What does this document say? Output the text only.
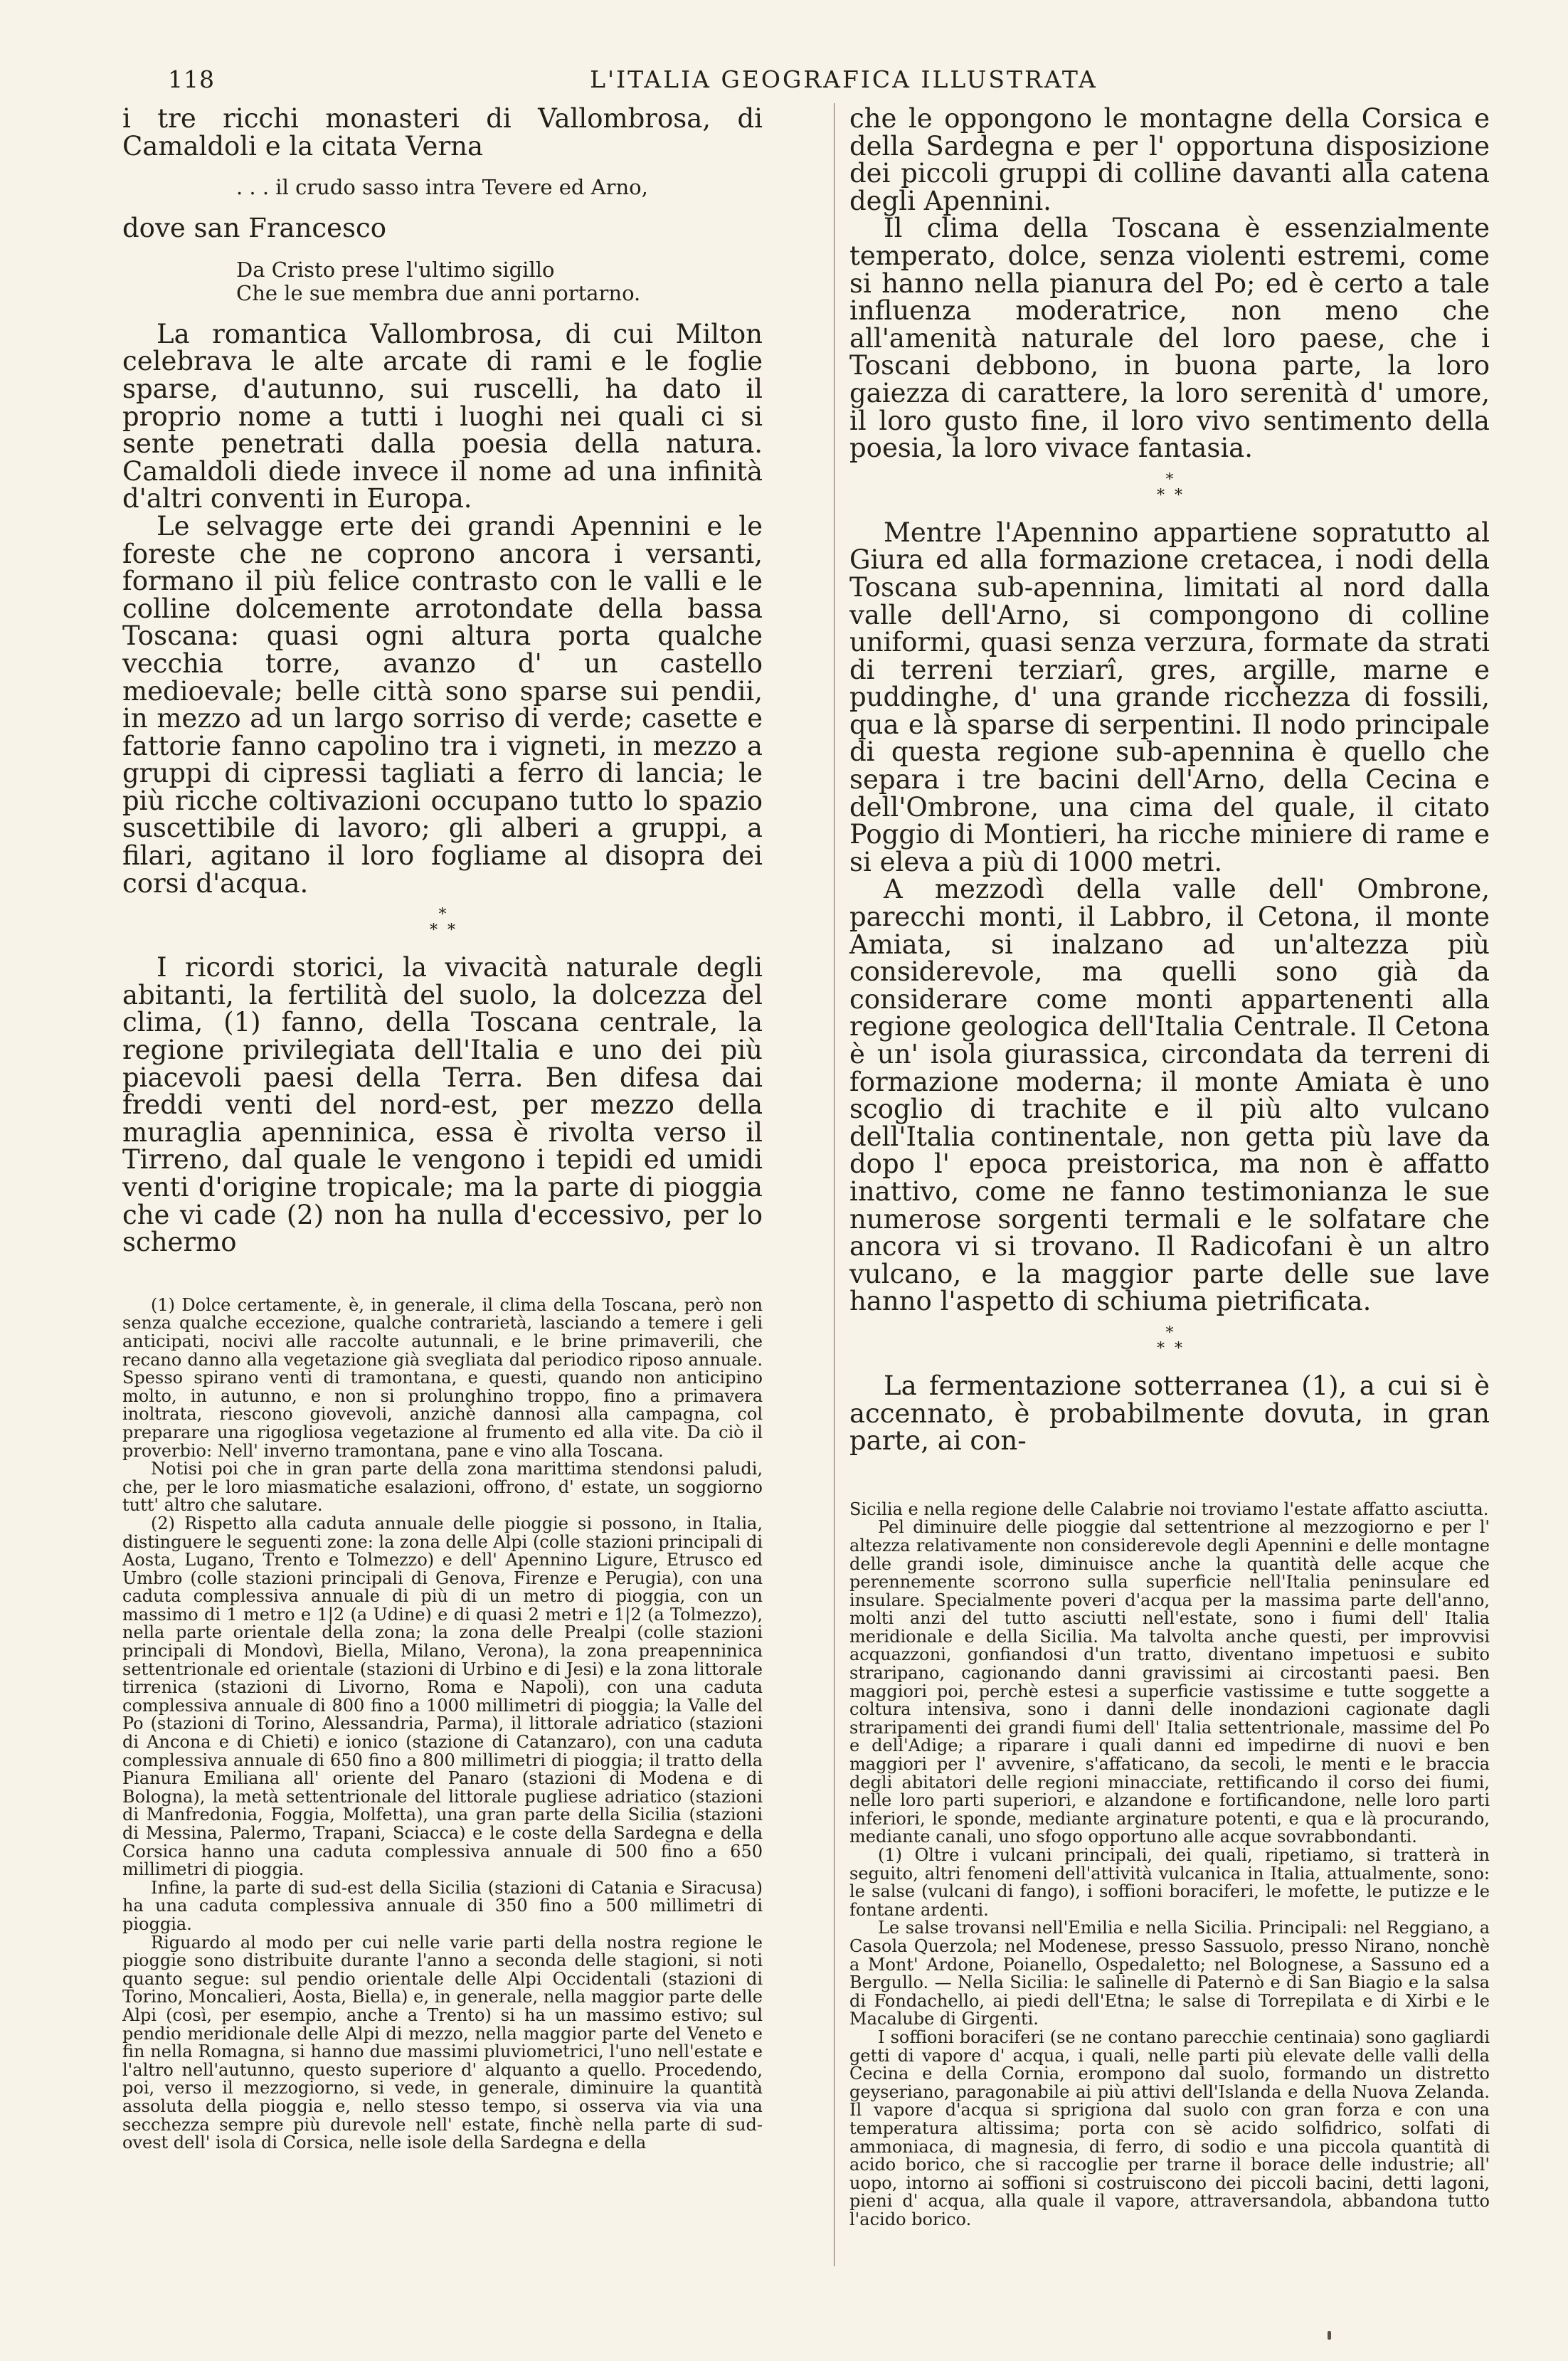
118	L'ITALIA GEOGRAFICA ILLUSTRATA

i tre ricchi monasteri di Vallombrosa, di Camaldoli e la citata Verna

. . . il crudo sasso intra Tevere ed Arno,

dove san Francesco

Da Cristo prese l'ultimo sigillo
Che le sue membra due anni portarno.

La romantica Vallombrosa, di cui Milton celebrava le alte arcate di rami e le foglie sparse, d'autunno, sui ruscelli, ha dato il proprio nome a tutti i luoghi nei quali ci si sente penetrati dalla poesia della natura. Camaldoli diede invece il nome ad una infinità d'altri conventi in Europa.

Le selvagge erte dei grandi Apennini e le foreste che ne coprono ancora i versanti, formano il più felice contrasto con le valli e le colline dolcemente arrotondate della bassa Toscana: quasi ogni altura porta qualche vecchia torre, avanzo d' un castello medioevale; belle città sono sparse sui pendii, in mezzo ad un largo sorriso di verde; casette e fattorie fanno capolino tra i vigneti, in mezzo a gruppi di cipressi tagliati a ferro di lancia; le più ricche coltivazioni occupano tutto lo spazio suscettibile di lavoro; gli alberi a gruppi, a filari, agitano il loro fogliame al disopra dei corsi d'acqua.

*
* *

I ricordi storici, la vivacità naturale degli abitanti, la fertilità del suolo, la dolcezza del clima, (1) fanno, della Toscana centrale, la regione privilegiata dell'Italia e uno dei più piacevoli paesi della Terra. Ben difesa dai freddi venti del nord-est, per mezzo della muraglia apenninica, essa è rivolta verso il Tirreno, dal quale le vengono i tepidi ed umidi venti d'origine tropicale; ma la parte di pioggia che vi cade (2) non ha nulla d'eccessivo, per lo schermo

(1) Dolce certamente, è, in generale, il clima della Toscana, però non senza qualche eccezione, qualche contrarietà, lasciando a temere i geli anticipati, nocivi alle raccolte autunnali, e le brine primaverili, che recano danno alla vegetazione già svegliata dal periodico riposo annuale. Spesso spirano venti di tramontana, e questi, quando non anticipino molto, in autunno, e non si prolunghino troppo, fino a primavera inoltrata, riescono giovevoli, anzichè dannosi alla campagna, col preparare una rigogliosa vegetazione al frumento ed alla vite. Da ciò il proverbio: Nell' inverno tramontana, pane e vino alla Toscana.

Notisi poi che in gran parte della zona marittima stendonsi paludi, che, per le loro miasmatiche esalazioni, offrono, d' estate, un soggiorno tutt' altro che salutare.

(2) Rispetto alla caduta annuale delle pioggie si possono, in Italia, distinguere le seguenti zone: la zona delle Alpi (colle stazioni principali di Aosta, Lugano, Trento e Tolmezzo) e dell' Apennino Ligure, Etrusco ed Umbro (colle stazioni principali di Genova, Firenze e Perugia), con una caduta complessiva annuale di più di un metro di pioggia, con un massimo di 1 metro e 1|2 (a Udine) e di quasi 2 metri e 1|2 (a Tolmezzo), nella parte orientale della zona; la zona delle Prealpi (colle stazioni principali di Mondovì, Biella, Milano, Verona), la zona preapenninica settentrionale ed orientale (stazioni di Urbino e di Jesi) e la zona littorale tirrenica (stazioni di Livorno, Roma e Napoli), con una caduta complessiva annuale di 800 fino a 1000 millimetri di pioggia; la Valle del Po (stazioni di Torino, Alessandria, Parma), il littorale adriatico (stazioni di Ancona e di Chieti) e ionico (stazione di Catanzaro), con una caduta complessiva annuale di 650 fino a 800 millimetri di pioggia; il tratto della Pianura Emiliana all' oriente del Panaro (stazioni di Modena e di Bologna), la metà settentrionale del littorale pugliese adriatico (stazioni di Manfredonia, Foggia, Molfetta), una gran parte della Sicilia (stazioni di Messina, Palermo, Trapani, Sciacca) e le coste della Sardegna e della Corsica hanno una caduta complessiva annuale di 500 fino a 650 millimetri di pioggia.

Infine, la parte di sud-est della Sicilia (stazioni di Catania e Siracusa) ha una caduta complessiva annuale di 350 fino a 500 millimetri di pioggia.

Riguardo al modo per cui nelle varie parti della nostra regione le pioggie sono distribuite durante l'anno a seconda delle stagioni, si noti quanto segue: sul pendio orientale delle Alpi Occidentali (stazioni di Torino, Moncalieri, Aosta, Biella) e, in generale, nella maggior parte delle Alpi (così, per esempio, anche a Trento) si ha un massimo estivo; sul pendio meridionale delle Alpi di mezzo, nella maggior parte del Veneto e fin nella Romagna, si hanno due massimi pluviometrici, l'uno nell'estate e l'altro nell'autunno, questo superiore d' alquanto a quello. Procedendo, poi, verso il mezzogiorno, si vede, in generale, diminuire la quantità assoluta della pioggia e, nello stesso tempo, si osserva via via una secchezza sempre più durevole nell' estate, finchè nella parte di sud-ovest dell' isola di Corsica, nelle isole della Sardegna e della

che le oppongono le montagne della Corsica e della Sardegna e per l' opportuna disposizione dei piccoli gruppi di colline davanti alla catena degli Apennini.

Il clima della Toscana è essenzialmente temperato, dolce, senza violenti estremi, come si hanno nella pianura del Po; ed è certo a tale influenza moderatrice, non meno che all'amenità naturale del loro paese, che i Toscani debbono, in buona parte, la loro gaiezza di carattere, la loro serenità d' umore, il loro gusto fine, il loro vivo sentimento della poesia, la loro vivace fantasia.

*
* *

Mentre l'Apennino appartiene sopratutto al Giura ed alla formazione cretacea, i nodi della Toscana sub-apennina, limitati al nord dalla valle dell'Arno, si compongono di colline uniformi, quasi senza verzura, formate da strati di terreni terziarî, gres, argille, marne e puddinghe, d' una grande ricchezza di fossili, qua e là sparse di serpentini. Il nodo principale di questa regione sub-apennina è quello che separa i tre bacini dell'Arno, della Cecina e dell'Ombrone, una cima del quale, il citato Poggio di Montieri, ha ricche miniere di rame e si eleva a più di 1000 metri.

A mezzodì della valle dell' Ombrone, parecchi monti, il Labbro, il Cetona, il monte Amiata, si inalzano ad un'altezza più considerevole, ma quelli sono già da considerare come monti appartenenti alla regione geologica dell'Italia Centrale. Il Cetona è un' isola giurassica, circondata da terreni di formazione moderna; il monte Amiata è uno scoglio di trachite e il più alto vulcano dell'Italia continentale, non getta più lave da dopo l' epoca preistorica, ma non è affatto inattivo, come ne fanno testimonianza le sue numerose sorgenti termali e le solfatare che ancora vi si trovano. Il Radicofani è un altro vulcano, e la maggior parte delle sue lave hanno l'aspetto di schiuma pietrificata.

*
* *

La fermentazione sotterranea (1), a cui si è accennato, è probabilmente dovuta, in gran parte, ai con-

Sicilia e nella regione delle Calabrie noi troviamo l'estate affatto asciutta.

Pel diminuire delle pioggie dal settentrione al mezzogiorno e per l' altezza relativamente non considerevole degli Apennini e delle montagne delle grandi isole, diminuisce anche la quantità delle acque che perennemente scorrono sulla superficie nell'Italia peninsulare ed insulare. Specialmente poveri d'acqua per la massima parte dell'anno, molti anzi del tutto asciutti nell'estate, sono i fiumi dell' Italia meridionale e della Sicilia. Ma talvolta anche questi, per improvvisi acquazzoni, gonfiandosi d'un tratto, diventano impetuosi e subito straripano, cagionando danni gravissimi ai circostanti paesi. Ben maggiori poi, perchè estesi a superficie vastissime e tutte soggette a coltura intensiva, sono i danni delle inondazioni cagionate dagli straripamenti dei grandi fiumi dell' Italia settentrionale, massime del Po e dell'Adige; a riparare i quali danni ed impedirne di nuovi e ben maggiori per l' avvenire, s'affaticano, da secoli, le menti e le braccia degli abitatori delle regioni minacciate, rettificando il corso dei fiumi, nelle loro parti superiori, e alzandone e fortificandone, nelle loro parti inferiori, le sponde, mediante arginature potenti, e qua e là procurando, mediante canali, uno sfogo opportuno alle acque sovrabbondanti.

(1) Oltre i vulcani principali, dei quali, ripetiamo, si tratterà in seguito, altri fenomeni dell'attività vulcanica in Italia, attualmente, sono: le salse (vulcani di fango), i soffioni boraciferi, le mofette, le putizze e le fontane ardenti.

Le salse trovansi nell'Emilia e nella Sicilia. Principali: nel Reggiano, a Casola Querzola; nel Modenese, presso Sassuolo, presso Nirano, nonchè a Mont' Ardone, Poianello, Ospedaletto; nel Bolognese, a Sassuno ed a Bergullo. — Nella Sicilia: le salinelle di Paternò e di San Biagio e la salsa di Fondachello, ai piedi dell'Etna; le salse di Torrepilata e di Xirbi e le Macalube di Girgenti.

I soffioni boraciferi (se ne contano parecchie centinaia) sono gagliardi getti di vapore d' acqua, i quali, nelle parti più elevate delle valli della Cecina e della Cornia, erompono dal suolo, formando un distretto geyseriano, paragonabile ai più attivi dell'Islanda e della Nuova Zelanda. Il vapore d'acqua si sprigiona dal suolo con gran forza e con una temperatura altissima; porta con sè acido solfidrico, solfati di ammoniaca, di magnesia, di ferro, di sodio e una piccola quantità di acido borico, che si raccoglie per trarne il borace delle industrie; all' uopo, intorno ai soffioni si costruiscono dei piccoli bacini, detti lagoni, pieni d' acqua, alla quale il vapore, attraversandola, abbandona tutto l'acido borico.
